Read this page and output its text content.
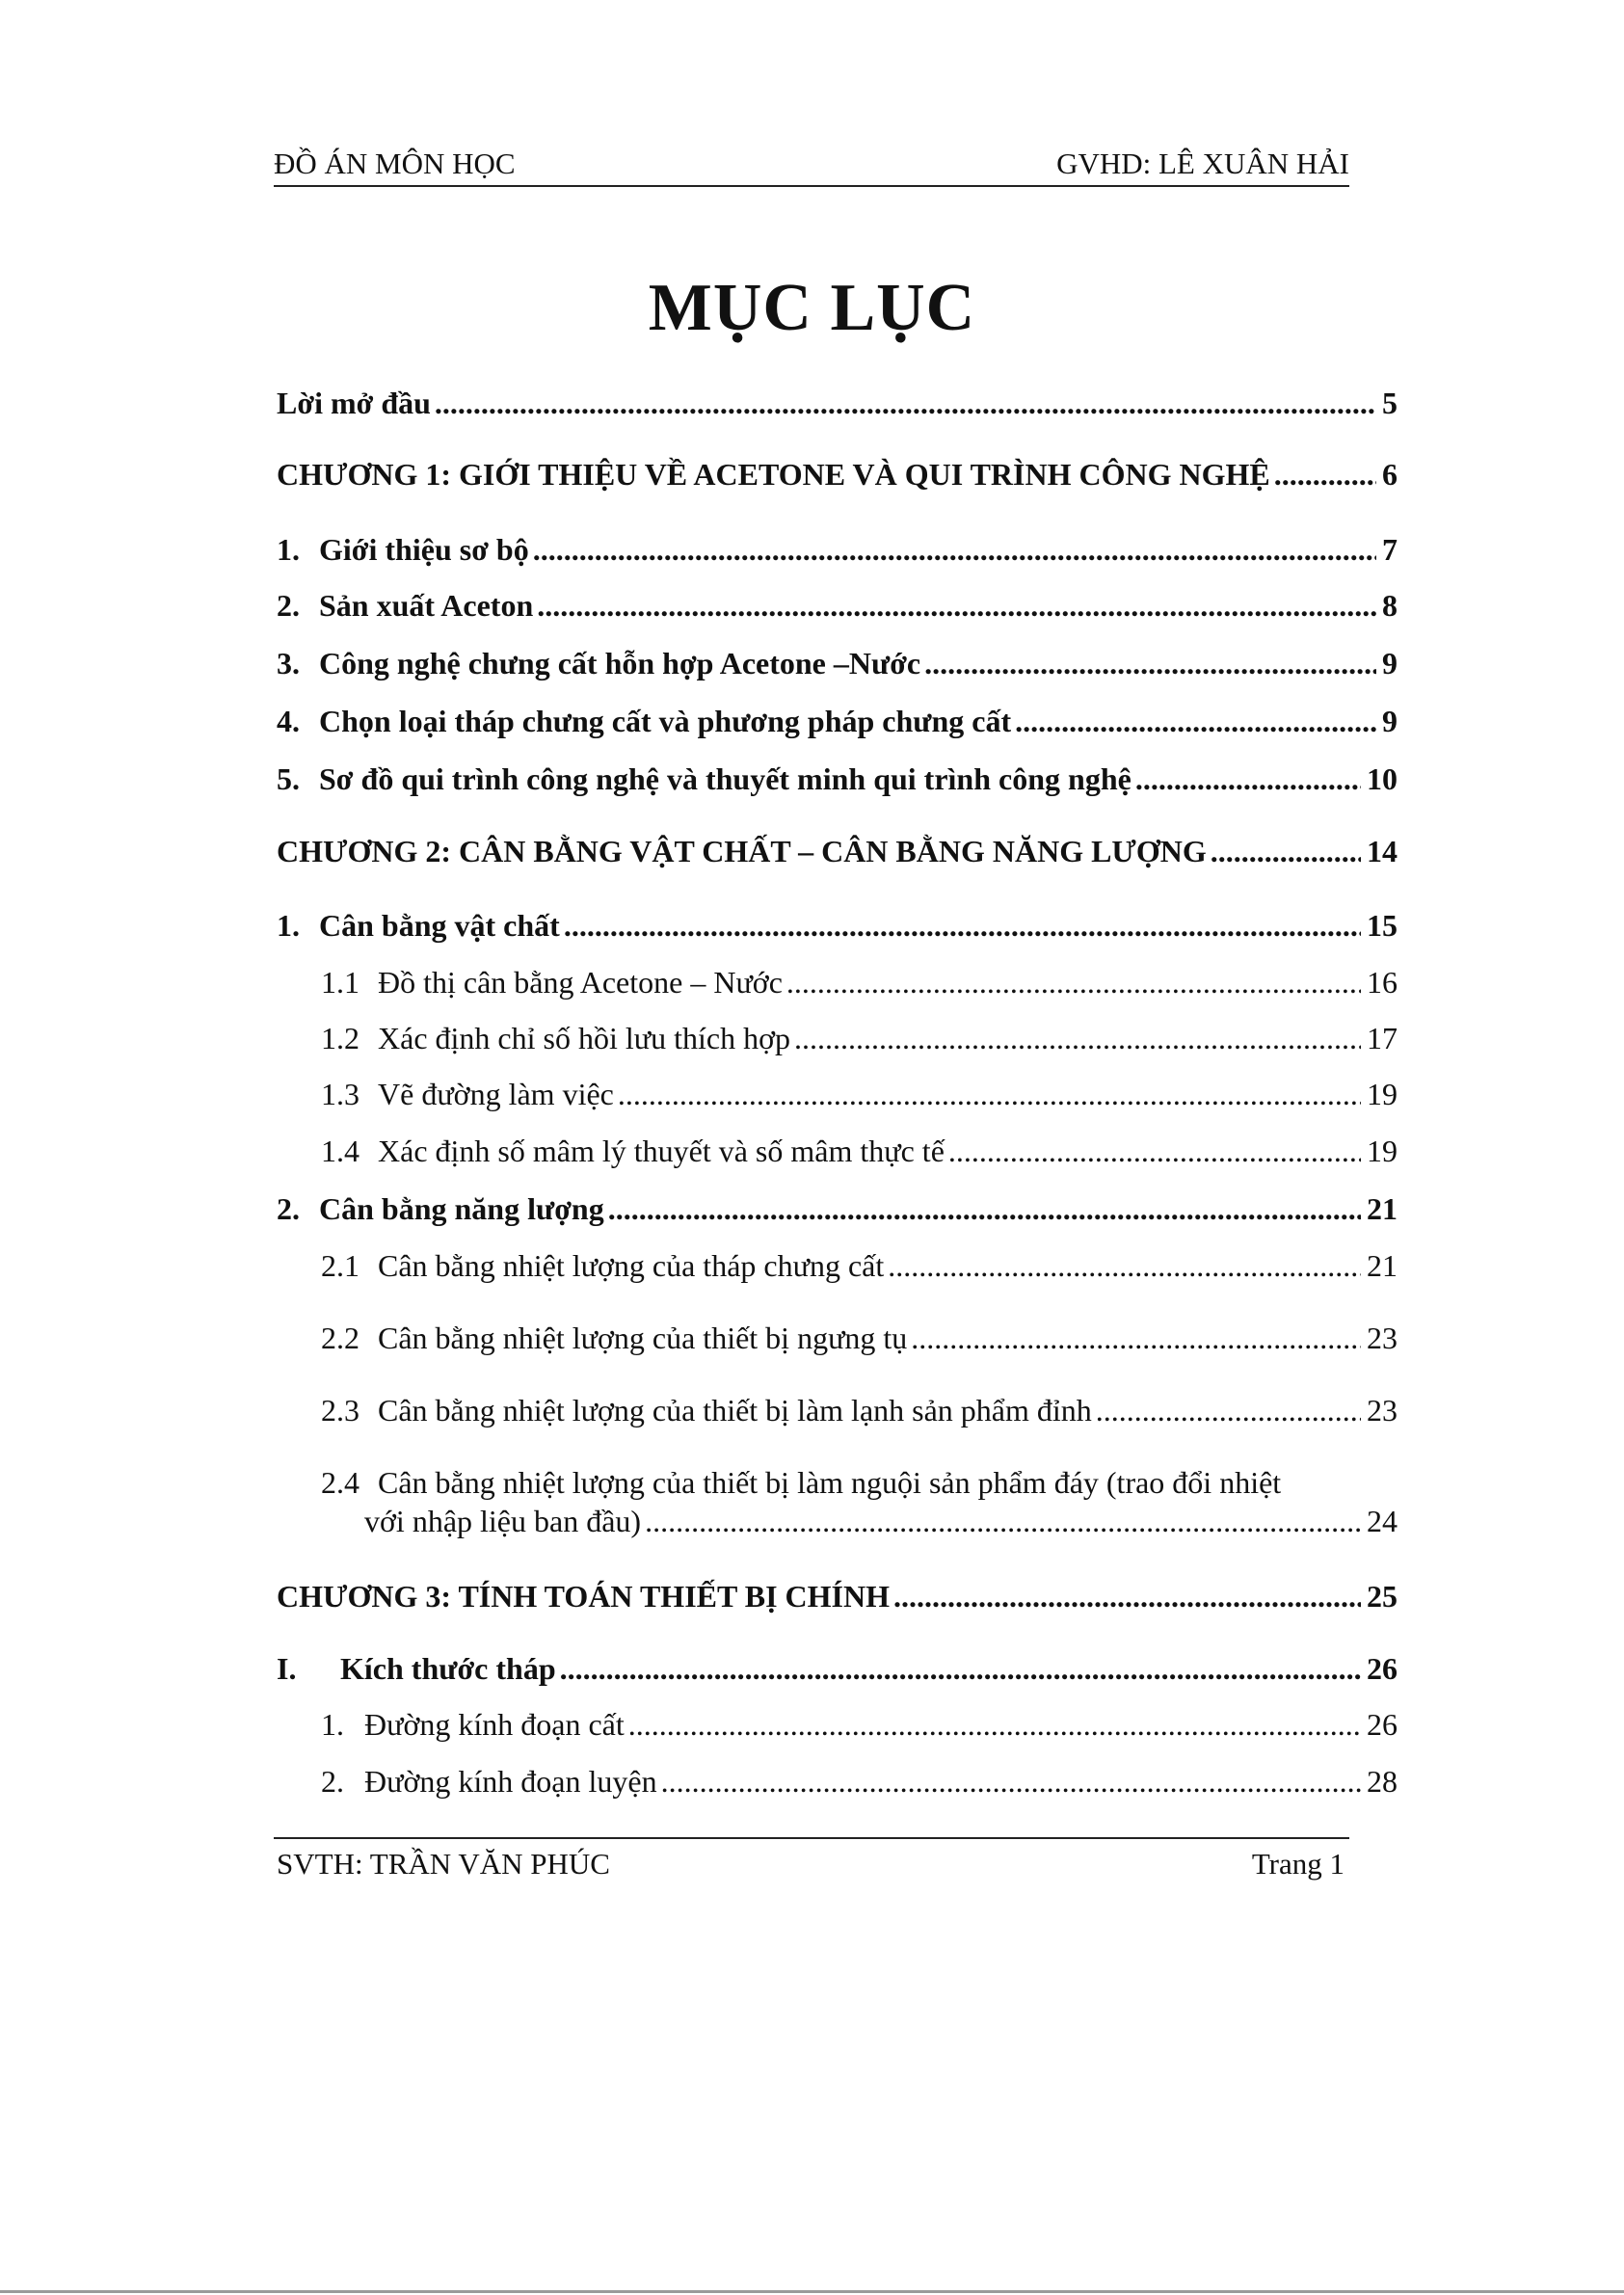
ĐỒ ÁN MÔN HỌC	GVHD: LÊ XUÂN HẢI
MỤC LỤC
Lời mở đầu .....	5
CHƯƠNG 1: GIỚI THIỆU VỀ ACETONE VÀ QUI TRÌNH CÔNG NGHỆ .....	6
1. Giới thiệu sơ bộ .....	7
2. Sản xuất Aceton .....	8
3. Công nghệ chưng cất hỗn hợp Acetone –Nước .....	9
4. Chọn loại tháp chưng cất và phương pháp chưng cất .....	9
5. Sơ đồ qui trình công nghệ và thuyết minh qui trình công nghệ .....	10
CHƯƠNG 2: CÂN BẰNG VẬT CHẤT – CÂN BẰNG NĂNG LƯỢNG .....	14
1. Cân bằng vật chất .....	15
1.1 Đồ thị cân bằng Acetone – Nước .....	16
1.2 Xác định chỉ số hồi lưu thích hợp .....	17
1.3 Vẽ đường làm việc .....	19
1.4 Xác định số mâm lý thuyết và số mâm thực tế .....	19
2. Cân bằng năng lượng .....	21
2.1 Cân bằng nhiệt lượng của tháp chưng cất .....	21
2.2 Cân bằng nhiệt lượng của thiết bị ngưng tụ .....	23
2.3 Cân bằng nhiệt lượng của thiết bị làm lạnh sản phẩm đỉnh .....	23
2.4 Cân bằng nhiệt lượng của thiết bị làm nguội sản phẩm đáy (trao đổi nhiệt
với nhập liệu ban đầu) .....	24
CHƯƠNG 3: TÍNH TOÁN THIẾT BỊ CHÍNH .....	25
I.	Kích thước tháp .....	26
1. Đường kính đoạn cất .....	26
2. Đường kính đoạn luyện .....	28
SVTH: TRẦN VĂN PHÚC	Trang 1
